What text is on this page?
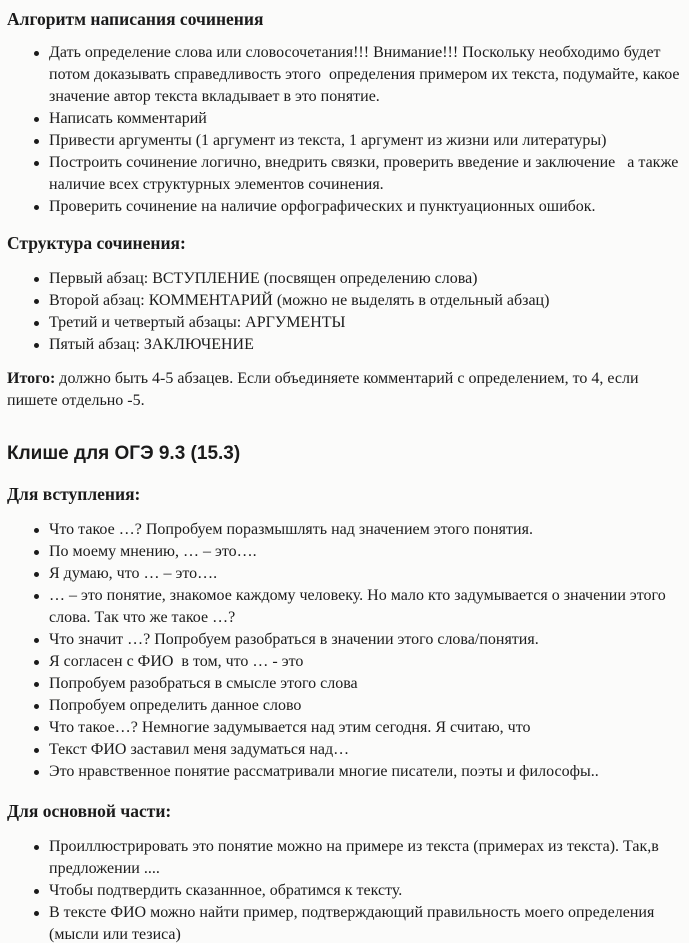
Алгоритм написания сочинения
Дать определение слова или словосочетания!!! Внимание!!! Поскольку необходимо будет потом доказывать справедливость этого  определения примером их текста, подумайте, какое значение автор текста вкладывает в это понятие.
Написать комментарий
Привести аргументы (1 аргумент из текста, 1 аргумент из жизни или литературы)
Построить сочинение логично, внедрить связки, проверить введение и заключение   а также наличие всех структурных элементов сочинения.
Проверить сочинение на наличие орфографических и пунктуационных ошибок.
Структура сочинения:
Первый абзац: ВСТУПЛЕНИЕ (посвящен определению слова)
Второй абзац: КОММЕНТАРИЙ (можно не выделять в отдельный абзац)
Третий и четвертый абзацы: АРГУМЕНТЫ
Пятый абзац: ЗАКЛЮЧЕНИЕ

Итого: должно быть 4-5 абзацев. Если объединяете комментарий с определением, то 4, если пишете отдельно -5.

Клише для ОГЭ 9.3 (15.3)
Для вступления:
Что такое …? Попробуем поразмышлять над значением этого понятия.
По моему мнению, … – это….
Я думаю, что … – это….
… – это понятие, знакомое каждому человеку. Но мало кто задумывается о значении этого слова. Так что же такое …?
Что значит …? Попробуем разобраться в значении этого слова/понятия.
Я согласен с ФИО  в том, что … - это
Попробуем разобраться в смысле этого слова
Попробуем определить данное слово
Что такое…? Немногие задумывается над этим сегодня. Я считаю, что
Текст ФИО заставил меня задуматься над…
Это нравственное понятие рассматривали многие писатели, поэты и философы..
Для основной части:
Проиллюстрировать это понятие можно на примере из текста (примерах из текста). Так,в предложении ....
Чтобы подтвердить сказаннное, обратимся к тексту.
В тексте ФИО можно найти пример, подтверждающий правильность моего определения (мысли или тезиса)
